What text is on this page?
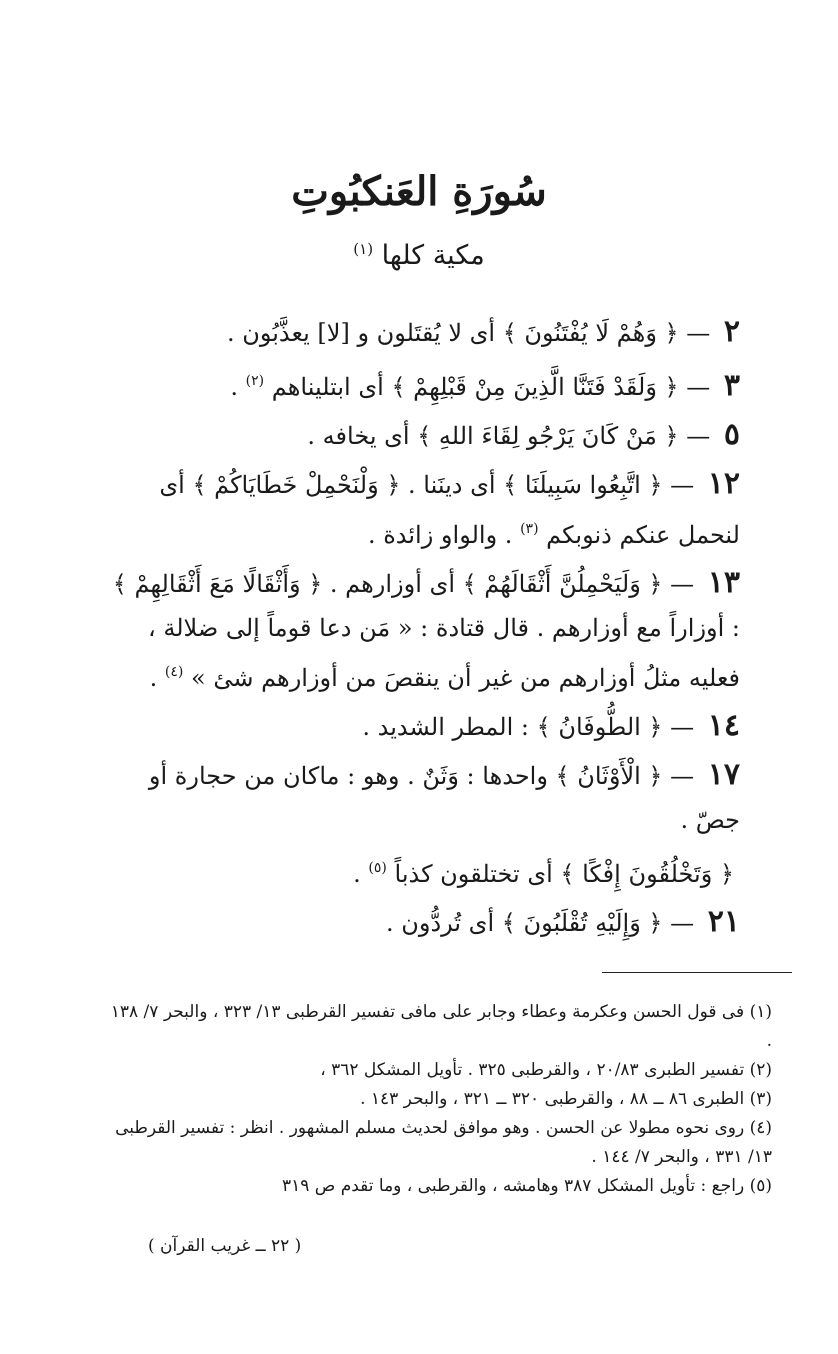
سُورَةِ العَنكبُوتِ
مكية كلها $^{(١)}$

٢ — ﴿ وَهُمْ لَا يُفْتَنُونَ ﴾ أى لا يُقتَلون و [لا] يعذَّبُون .

٣ — ﴿ وَلَقَدْ فَتَنَّا الَّذِينَ مِنْ قَبْلِهِمْ ﴾ أى ابتليناهم $^{(٢)}$ .

٥ — ﴿ مَنْ كَانَ يَرْجُو لِقَاءَ اللهِ ﴾ أى يخافه .

١٢ — ﴿ اتَّبِعُوا سَبِيلَنَا ﴾ أى دينَنا . ﴿ وَلْنَحْمِلْ خَطَايَاكُمْ ﴾ أى لنحمل عنكم ذنوبكم $^{(٣)}$ . والواو زائدة .

١٣ — ﴿ وَلَيَحْمِلُنَّ أَثْقَالَهُمْ ﴾ أى أوزارهم . ﴿ وَأَثْقَالًا مَعَ أَثْقَالِهِمْ ﴾ : أوزاراً مع أوزارهم . قال قتادة : « مَن دعا قوماً إلى ضلالة ، فعليه مثلُ أوزارهم من غير أن ينقصَ من أوزارهم شئ » $^{(٤)}$ .

١٤ — ﴿ الطُّوفَانُ ﴾ : المطر الشديد .

١٧ — ﴿ الْأَوْثَانُ ﴾ واحدها : وَثَنٌ . وهو : ماكان من حجارة أو جصّ .

﴿ وَتَخْلُقُونَ إِفْكًا ﴾ أى تختلقون كذباً $^{(٥)}$ .

٢١ — ﴿ وَإِلَيْهِ تُقْلَبُونَ ﴾ أى تُردُّون .

(١) فى قول الحسن وعكرمة وعطاء وجابر على مافى تفسير القرطبى ١٣/ ٣٢٣ ، والبحر ٧/ ١٣٨ .

(٢) تفسير الطبرى ٢٠/٨٣ ، والقرطبى ٣٢٥ . تأويل المشكل ٣٦٢ ،

(٣) الطبرى ٨٦ ــ ٨٨ ، والقرطبى ٣٢٠ ــ ٣٢١ ، والبحر ١٤٣ .

(٤) روى نحوه مطولا عن الحسن . وهو موافق لحديث مسلم المشهور . انظر : تفسير القرطبى ١٣/ ٣٣١ ، والبحر ٧/ ١٤٤ .

(٥) راجع : تأويل المشكل ٣٨٧ وهامشه ، والقرطبى ، وما تقدم ص ٣١٩

( ٢٢ ــ غريب القرآن )
